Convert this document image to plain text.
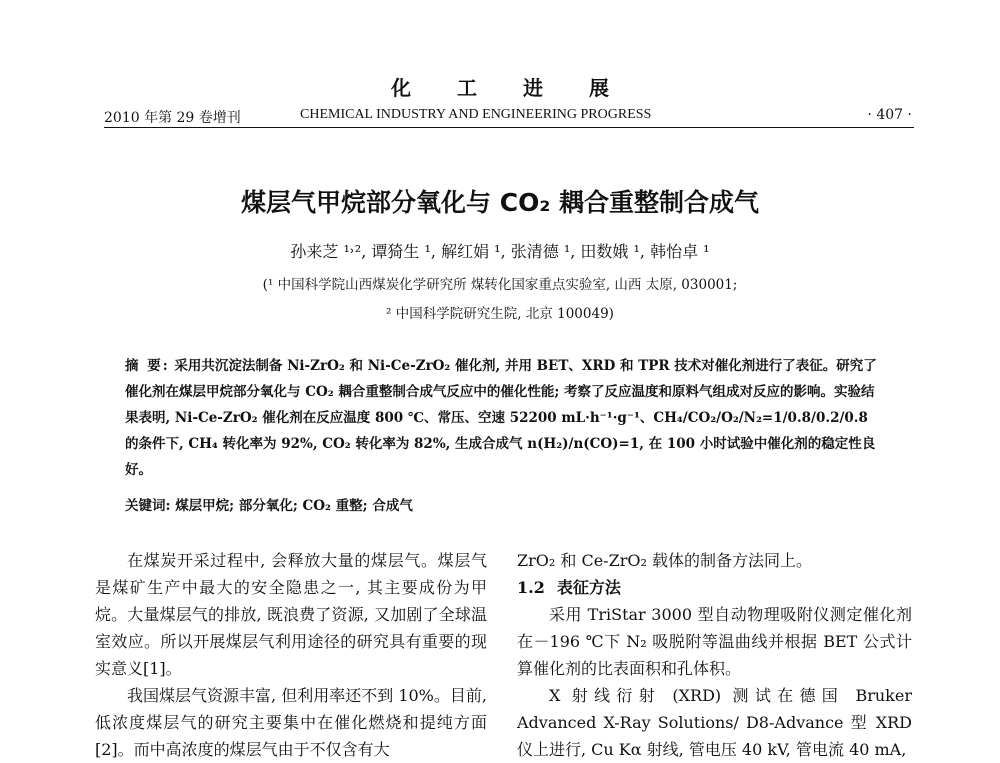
化工进展
2010 年第 29 卷增刊	CHEMICAL INDUSTRY AND ENGINEERING PROGRESS	· 407 ·
煤层气甲烷部分氧化与 CO₂ 耦合重整制合成气
孙来芝 ¹˒², 谭猗生 ¹, 解红娟 ¹, 张清德 ¹, 田数娥 ¹, 韩怡卓 ¹
(¹ 中国科学院山西煤炭化学研究所 煤转化国家重点实验室, 山西 太原, 030001;
² 中国科学院研究生院, 北京 100049)
摘 要: 采用共沉淀法制备 Ni-ZrO₂ 和 Ni-Ce-ZrO₂ 催化剂, 并用 BET、XRD 和 TPR 技术对催化剂进行了表征。研究了催化剂在煤层甲烷部分氧化与 CO₂ 耦合重整制合成气反应中的催化性能; 考察了反应温度和原料气组成对反应的影响。实验结果表明, Ni-Ce-ZrO₂ 催化剂在反应温度 800 ℃、常压、空速 52200 mL·h⁻¹·g⁻¹、CH₄/CO₂/O₂/N₂=1/0.8/0.2/0.8 的条件下, CH₄ 转化率为 92%, CO₂ 转化率为 82%, 生成合成气 n(H₂)/n(CO)=1, 在 100 小时试验中催化剂的稳定性良好。
关键词: 煤层甲烷; 部分氧化; CO₂ 重整; 合成气
在煤炭开采过程中, 会释放大量的煤层气。煤层气是煤矿生产中最大的安全隐患之一, 其主要成份为甲烷。大量煤层气的排放, 既浪费了资源, 又加剧了全球温室效应。所以开展煤层气利用途径的研究具有重要的现实意义[1]。
我国煤层气资源丰富, 但利用率还不到 10%。目前, 低浓度煤层气的研究主要集中在催化燃烧和提纯方面[2]。而中高浓度的煤层气由于不仅含有大
ZrO₂ 和 Ce-ZrO₂ 载体的制备方法同上。
1.2 表征方法
采用 TriStar 3000 型自动物理吸附仪测定催化剂在－196 ℃下 N₂ 吸脱附等温曲线并根据 BET 公式计算催化剂的比表面积和孔体积。
X 射线衍射 (XRD) 测试在德国 Bruker Advanced X-Ray Solutions/ D8-Advance 型 XRD 仪上进行, Cu Kα 射线, 管电压 40 kV, 管电流 40 mA,
